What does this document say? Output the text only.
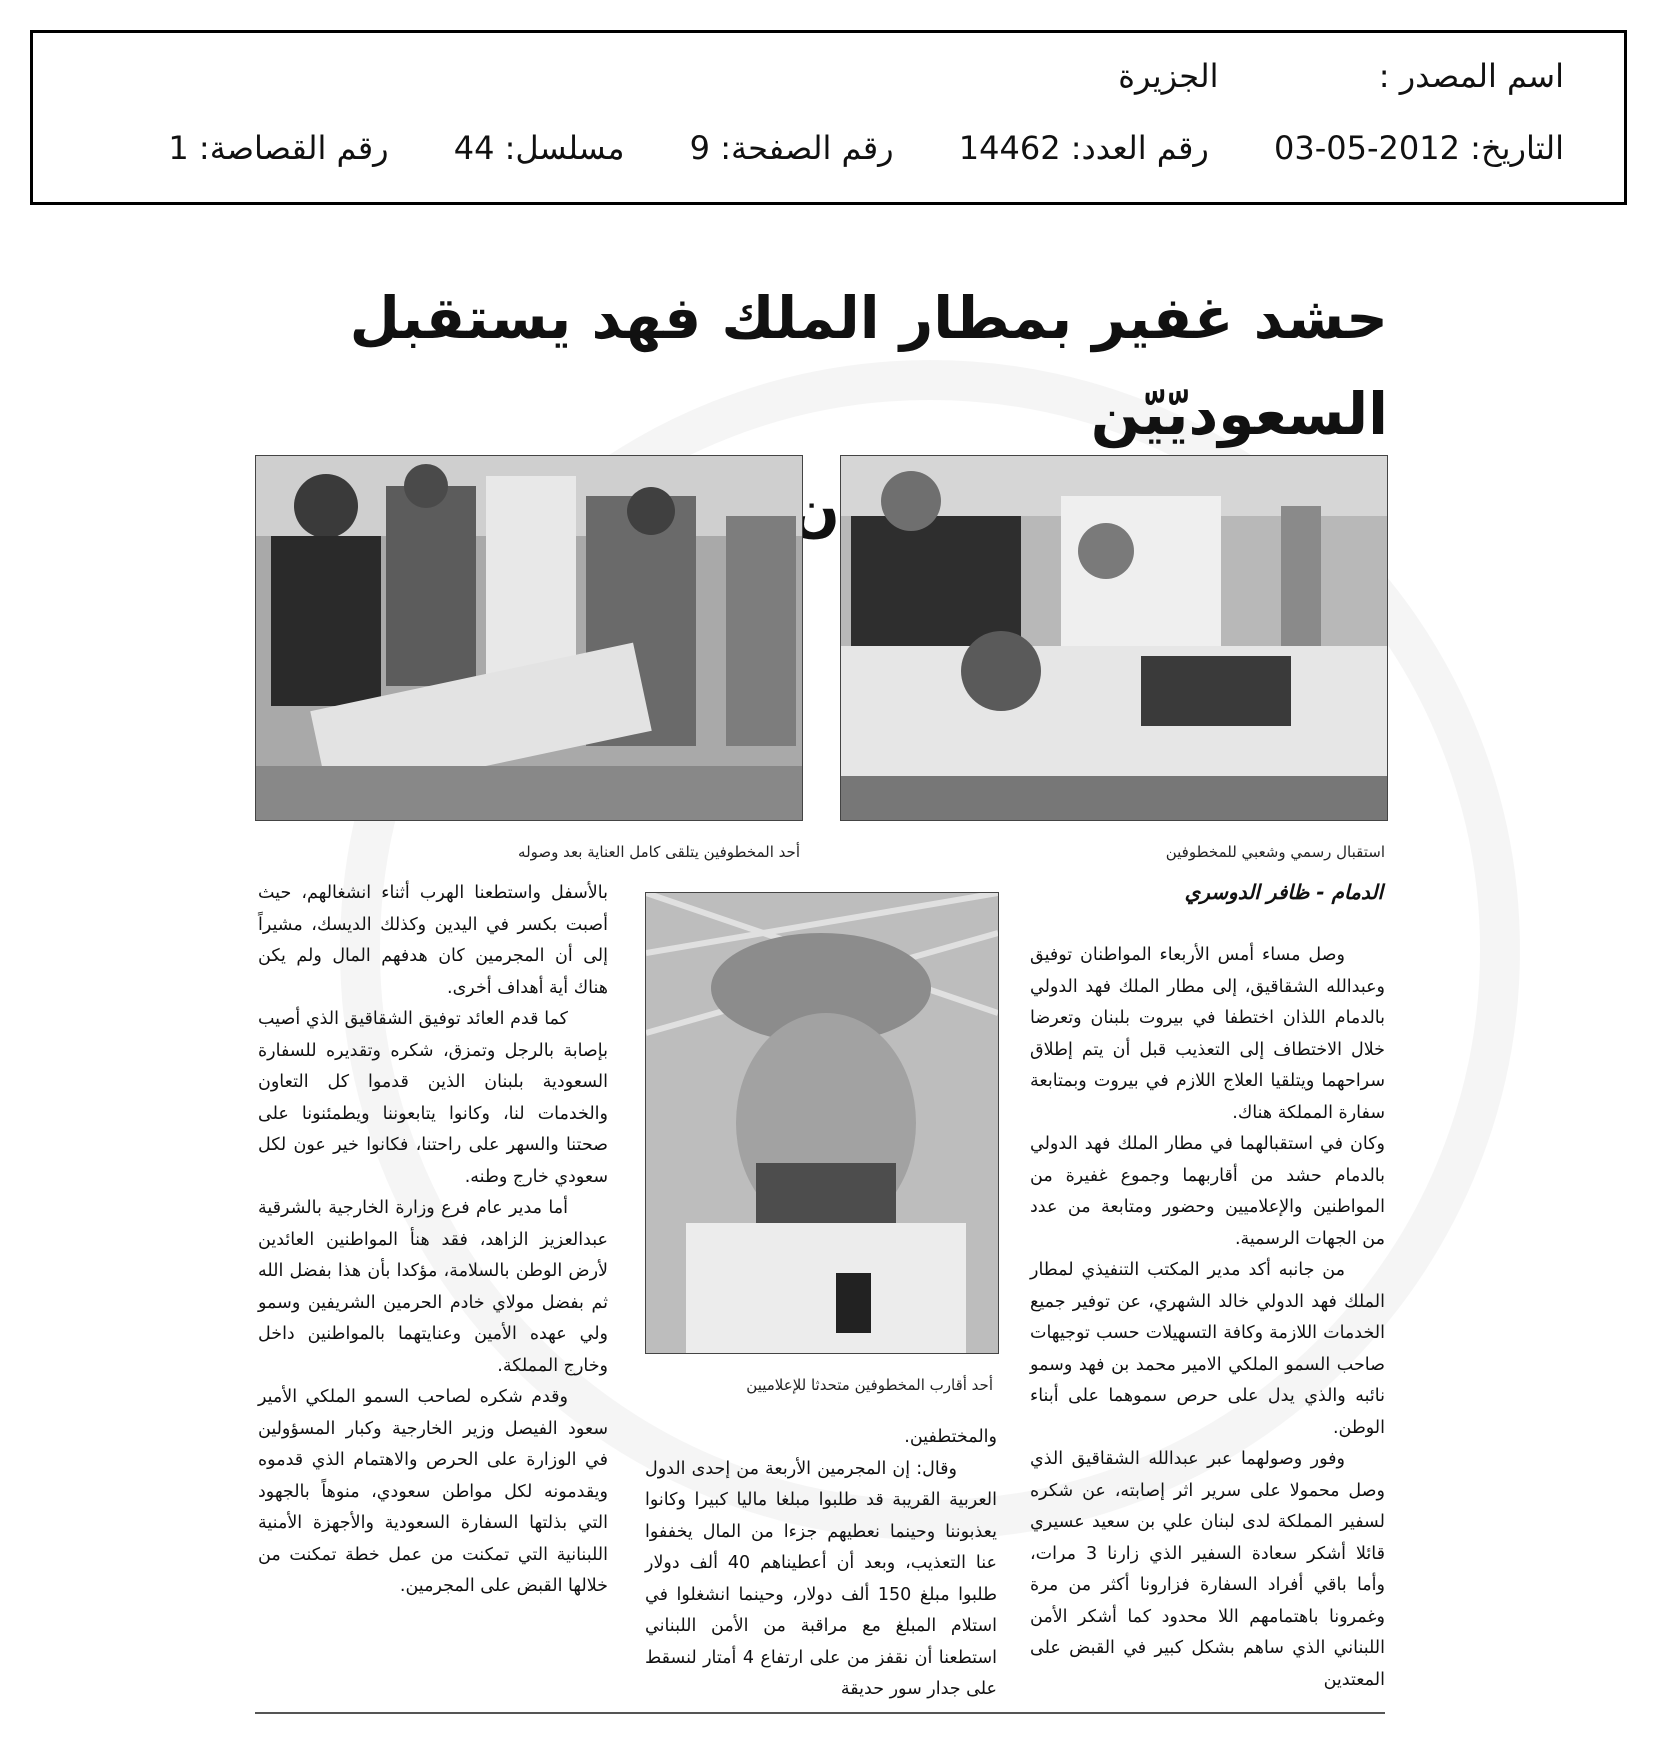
اسم المصدر : الجزيرة
التاريخ: 2012-05-03 رقم العدد: 14462 رقم الصفحة: 9 مسلسل: 44 رقم القصاصة: 1
حشد غفير بمطار الملك فهد يستقبل السعوديّيّن
استقبال رسمي وشعبي للمخطوفين
أحد المخطوفين يتلقى كامل العناية بعد وصوله
الدمام - ظافر الدوسري

وصل مساء أمس الأربعاء المواطنان توفيق وعبدالله الشقاقيق، إلى مطار الملك فهد الدولي بالدمام اللذان اختطفا في بيروت بلبنان وتعرضا خلال الاختطاف إلى التعذيب قبل أن يتم إطلاق سراحهما ويتلقيا العلاج اللازم في بيروت وبمتابعة سفارة المملكة هناك.

وكان في استقبالهما في مطار الملك فهد الدولي بالدمام حشد من أقاربهما وجموع غفيرة من المواطنين والإعلاميين وحضور ومتابعة من عدد من الجهات الرسمية.

من جانبه أكد مدير المكتب التنفيذي لمطار الملك فهد الدولي خالد الشهري، عن توفير جميع الخدمات اللازمة وكافة التسهيلات حسب توجيهات صاحب السمو الملكي الامير محمد بن فهد وسمو نائبه والذي يدل على حرص سموهما على أبناء الوطن.

وفور وصولهما عبر عبدالله الشقاقيق الذي وصل محمولا على سرير اثر إصابته، عن شكره لسفير المملكة لدى لبنان علي بن سعيد عسيري قائلا أشكر سعادة السفير الذي زارنا 3 مرات، وأما باقي أفراد السفارة فزارونا أكثر من مرة وغمرونا باهتمامهم اللا محدود كما أشكر الأمن اللبناني الذي ساهم بشكل كبير في القبض على المعتدين

أحد أقارب المخطوفين متحدثا للإعلاميين

والمختطفين.

وقال: إن المجرمين الأربعة من إحدى الدول العربية القريبة قد طلبوا مبلغا ماليا كبيرا وكانوا يعذبوننا وحينما نعطيهم جزءا من المال يخففوا عنا التعذيب، وبعد أن أعطيناهم 40 ألف دولار طلبوا مبلغ 150 ألف دولار، وحينما انشغلوا في استلام المبلغ مع مراقبة من الأمن اللبناني استطعنا أن نقفز من على ارتفاع 4 أمتار لنسقط على جدار سور حديقة

بالأسفل واستطعنا الهرب أثناء انشغالهم، حيث أصبت بكسر في اليدين وكذلك الديسك، مشيراً إلى أن المجرمين كان هدفهم المال ولم يكن هناك أية أهداف أخرى.

كما قدم العائد توفيق الشقاقيق الذي أصيب بإصابة بالرجل وتمزق، شكره وتقديره للسفارة السعودية بلبنان الذين قدموا كل التعاون والخدمات لنا، وكانوا يتابعوننا ويطمئنونا على صحتنا والسهر على راحتنا، فكانوا خير عون لكل سعودي خارج وطنه.

أما مدير عام فرع وزارة الخارجية بالشرقية عبدالعزيز الزاهد، فقد هنأ المواطنين العائدين لأرض الوطن بالسلامة، مؤكدا بأن هذا بفضل الله ثم بفضل مولاي خادم الحرمين الشريفين وسمو ولي عهده الأمين وعنايتهما بالمواطنين داخل وخارج المملكة.

وقدم شكره لصاحب السمو الملكي الأمير سعود الفيصل وزير الخارجية وكبار المسؤولين في الوزارة على الحرص والاهتمام الذي قدموه ويقدمونه لكل مواطن سعودي، منوهاً بالجهود التي بذلتها السفارة السعودية والأجهزة الأمنية اللبنانية التي تمكنت من عمل خطة تمكنت من خلالها القبض على المجرمين.
